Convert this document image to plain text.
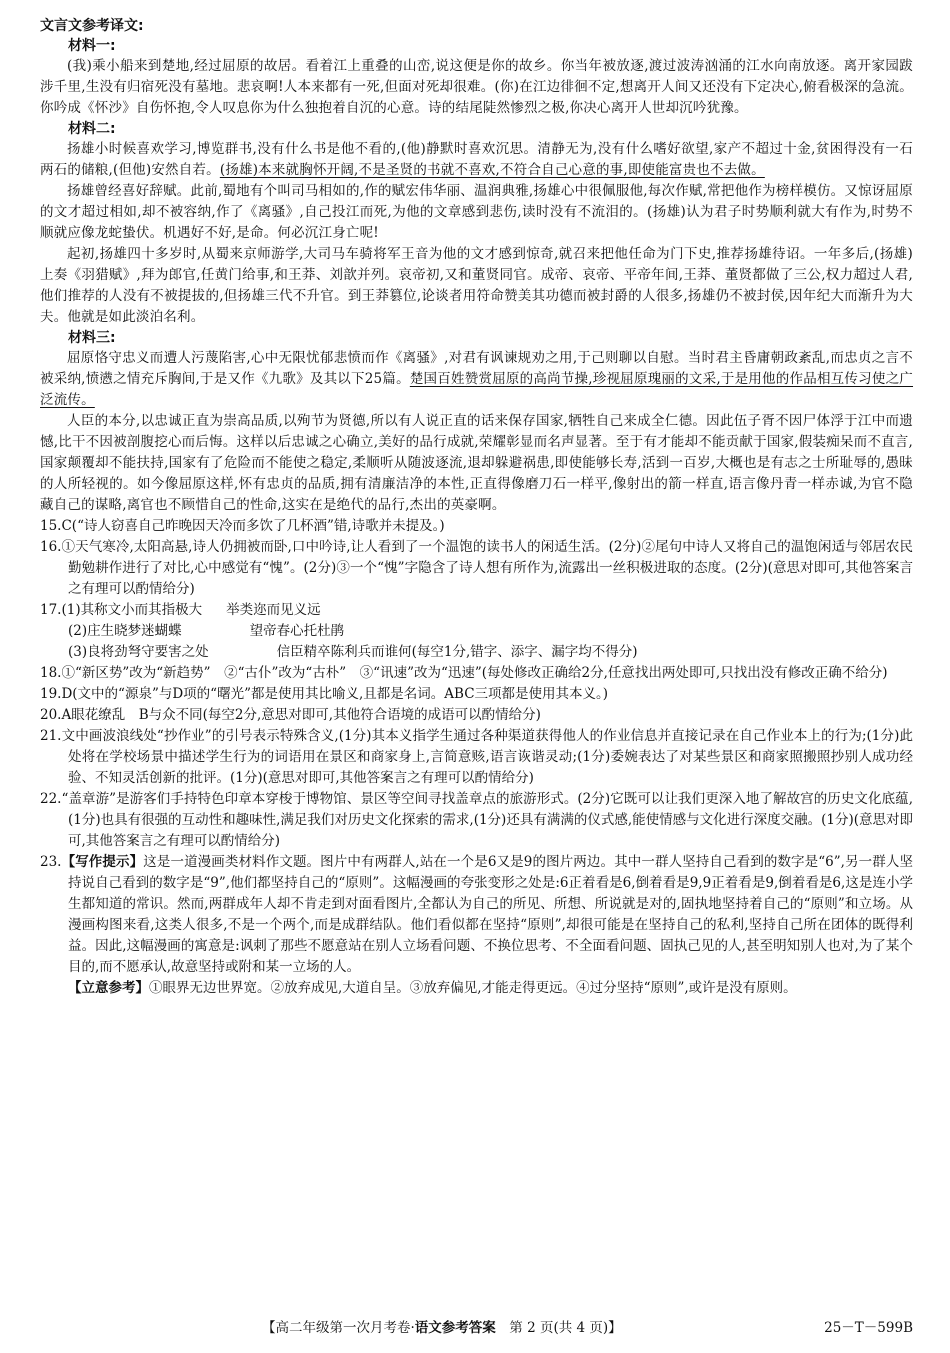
文言文参考译文:
材料一:

(我)乘小船来到楚地,经过屈原的故居。看着江上重叠的山峦,说这便是你的故乡。你当年被放逐,渡过波涛汹涌的江水向南放逐。离开家园跋涉千里,生没有归宿死没有墓地。悲哀啊!人本来都有一死,但面对死却很难。(你)在江边徘徊不定,想离开人间又还没有下定决心,俯看极深的急流。你吟成《怀沙》自伤怀抱,令人叹息你为什么独抱着自沉的心意。诗的结尾陡然惨烈之极,你决心离开人世却沉吟犹豫。

材料二:

扬雄小时候喜欢学习,博览群书,没有什么书是他不看的,(他)静默时喜欢沉思。清静无为,没有什么嗜好欲望,家产不超过十金,贫困得没有一石两石的储粮,(但他)安然自若。(扬雄)本来就胸怀开阔,不是圣贤的书就不喜欢,不符合自己心意的事,即使能富贵也不去做。

扬雄曾经喜好辞赋。此前,蜀地有个叫司马相如的,作的赋宏伟华丽、温润典雅,扬雄心中很佩服他,每次作赋,常把他作为榜样模仿。又惊讶屈原的文才超过相如,却不被容纳,作了《离骚》,自己投江而死,为他的文章感到悲伤,读时没有不流泪的。(扬雄)认为君子时势顺利就大有作为,时势不顺就应像龙蛇蛰伏。机遇好不好,是命。何必沉江身亡呢!

起初,扬雄四十多岁时,从蜀来京师游学,大司马车骑将军王音为他的文才感到惊奇,就召来把他任命为门下史,推荐扬雄待诏。一年多后,(扬雄)上奏《羽猎赋》,拜为郎官,任黄门给事,和王莽、刘歆并列。哀帝初,又和董贤同官。成帝、哀帝、平帝年间,王莽、董贤都做了三公,权力超过人君,他们推荐的人没有不被提拔的,但扬雄三代不升官。到王莽篡位,论谈者用符命赞美其功德而被封爵的人很多,扬雄仍不被封侯,因年纪大而渐升为大夫。他就是如此淡泊名利。

材料三:

屈原恪守忠义而遭人污蔑陷害,心中无限忧郁悲愤而作《离骚》,对君有讽谏规劝之用,于己则聊以自慰。当时君主昏庸朝政紊乱,而忠贞之言不被采纳,愤懑之情充斥胸间,于是又作《九歌》及其以下25篇。楚国百姓赞赏屈原的高尚节操,珍视屈原瑰丽的文采,于是用他的作品相互传习使之广泛流传。

人臣的本分,以忠诚正直为崇高品质,以殉节为贤德,所以有人说正直的话来保存国家,牺牲自己来成全仁德。因此伍子胥不因尸体浮于江中而遗憾,比干不因被剖腹挖心而后悔。这样以后忠诚之心确立,美好的品行成就,荣耀彰显而名声显著。至于有才能却不能贡献于国家,假装痴呆而不直言,国家颠覆却不能扶持,国家有了危险而不能使之稳定,柔顺听从随波逐流,退却躲避祸患,即使能够长寿,活到一百岁,大概也是有志之士所耻辱的,愚昧的人所轻视的。如今像屈原这样,怀有忠贞的品质,拥有清廉洁净的本性,正直得像磨刀石一样平,像射出的箭一样直,语言像丹青一样赤诚,为官不隐藏自己的谋略,离官也不顾惜自己的性命,这实在是绝代的品行,杰出的英豪啊。

15.C(“诗人窃喜自己昨晚因天冷而多饮了几杯酒”错,诗歌并未提及。)

16.①天气寒冷,太阳高悬,诗人仍拥被而卧,口中吟诗,让人看到了一个温饱的读书人的闲适生活。(2分)②尾句中诗人又将自己的温饱闲适与邻居农民勤勉耕作进行了对比,心中感觉有“愧”。(2分)③一个“愧”字隐含了诗人想有所作为,流露出一丝积极进取的态度。(2分)(意思对即可,其他答案言之有理可以酌情给分)

17.(1)其称文小而其指极大 举类迩而见义远
(2)庄生晓梦迷蝴蝶	望帝春心托杜鹃
(3)良将劲弩守要害之处	信臣精卒陈利兵而谁何(每空1分,错字、添字、漏字均不得分)

18.①“新区势”改为“新趋势”　②“古仆”改为“古朴”　③“讯速”改为“迅速”(每处修改正确给2分,任意找出两处即可,只找出没有修改正确不给分)

19.D(文中的“源泉”与D项的“曙光”都是使用其比喻义,且都是名词。ABC三项都是使用其本义。)

20.A眼花缭乱　B与众不同(每空2分,意思对即可,其他符合语境的成语可以酌情给分)

21.文中画波浪线处“抄作业”的引号表示特殊含义,(1分)其本义指学生通过各种渠道获得他人的作业信息并直接记录在自己作业本上的行为;(1分)此处将在学校场景中描述学生行为的词语用在景区和商家身上,言简意赅,语言诙谐灵动;(1分)委婉表达了对某些景区和商家照搬照抄别人成功经验、不知灵活创新的批评。(1分)(意思对即可,其他答案言之有理可以酌情给分)

22.“盖章游”是游客们手持特色印章本穿梭于博物馆、景区等空间寻找盖章点的旅游形式。(2分)它既可以让我们更深入地了解故宫的历史文化底蕴,(1分)也具有很强的互动性和趣味性,满足我们对历史文化探索的需求,(1分)还具有满满的仪式感,能使情感与文化进行深度交融。(1分)(意思对即可,其他答案言之有理可以酌情给分)

23.【写作提示】这是一道漫画类材料作文题。图片中有两群人,站在一个是6又是9的图片两边。其中一群人坚持自己看到的数字是“6”,另一群人坚持说自己看到的数字是“9”,他们都坚持自己的“原则”。这幅漫画的夸张变形之处是:6正着看是6,倒着看是9,9正着看是9,倒着看是6,这是连小学生都知道的常识。然而,两群成年人却不肯走到对面看图片,全都认为自己的所见、所想、所说就是对的,固执地坚持着自己的“原则”和立场。从漫画构图来看,这类人很多,不是一个两个,而是成群结队。他们看似都在坚持“原则”,却很可能是在坚持自己的私利,坚持自己所在团体的既得利益。因此,这幅漫画的寓意是:讽刺了那些不愿意站在别人立场看问题、不换位思考、不全面看问题、固执己见的人,甚至明知别人也对,为了某个目的,而不愿承认,故意坚持或附和某一立场的人。

【立意参考】①眼界无边世界宽。②放弃成见,大道自呈。③放弃偏见,才能走得更远。④过分坚持“原则”,或许是没有原则。

【高二年级第一次月考卷·语文参考答案　第 2 页(共 4 页)】	25－T－599B
